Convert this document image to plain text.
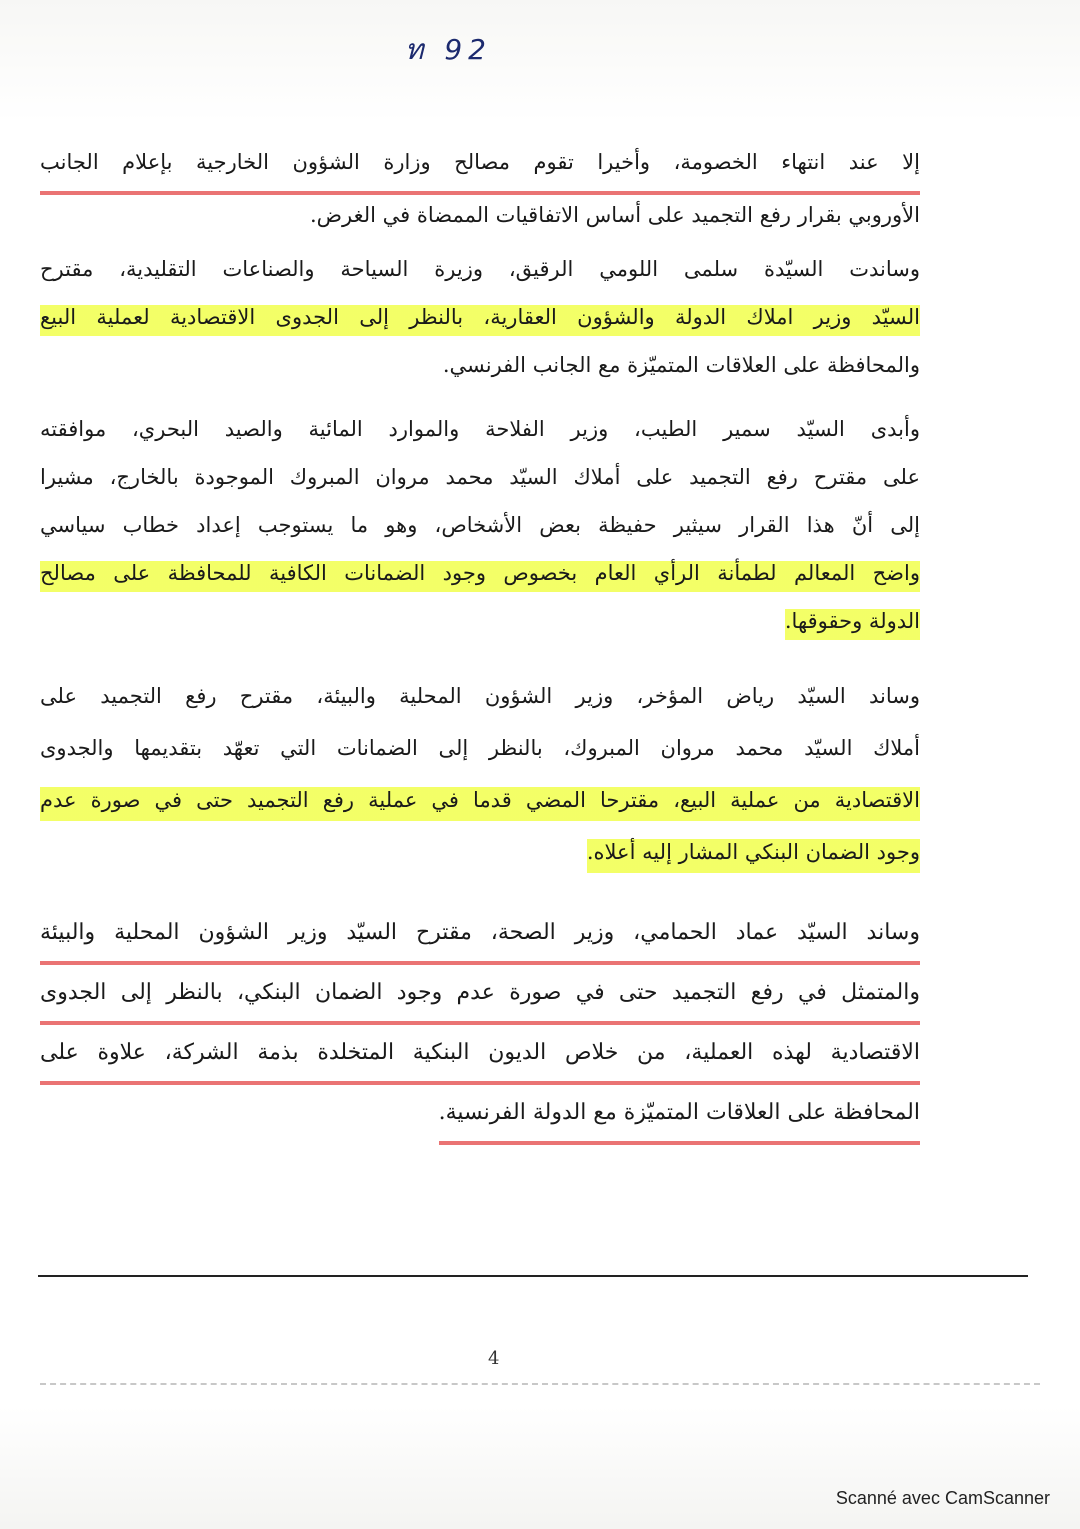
ท 92
إلا عند انتهاء الخصومة، وأخيرا تقوم مصالح وزارة الشؤون الخارجية بإعلام الجانب
الأوروبي بقرار رفع التجميد على أساس الاتفاقيات الممضاة في الغرض.
وساندت السيّدة سلمى اللومي الرقيق، وزيرة السياحة والصناعات التقليدية، مقترح
السيّد وزير املاك الدولة والشؤون العقارية، بالنظر إلى الجدوى الاقتصادية لعملية البيع
والمحافظة على العلاقات المتميّزة مع الجانب الفرنسي.
وأبدى السيّد سمير الطيب، وزير الفلاحة والموارد المائية والصيد البحري، موافقته
على مقترح رفع التجميد على أملاك السيّد محمد مروان المبروك الموجودة بالخارج، مشيرا
إلى أنّ هذا القرار سيثير حفيظة بعض الأشخاص، وهو ما يستوجب إعداد خطاب سياسي
واضح المعالم لطمأنة الرأي العام بخصوص وجود الضمانات الكافية للمحافظة على مصالح
الدولة وحقوقها.
وساند السيّد رياض المؤخر، وزير الشؤون المحلية والبيئة، مقترح رفع التجميد على
أملاك السيّد محمد مروان المبروك، بالنظر إلى الضمانات التي تعهّد بتقديمها والجدوى
الاقتصادية من عملية البيع، مقترحا المضي قدما في عملية رفع التجميد حتى في صورة عدم
وجود الضمان البنكي المشار إليه أعلاه.
وساند السيّد عماد الحمامي، وزير الصحة، مقترح السيّد وزير الشؤون المحلية والبيئة
والمتمثل في رفع التجميد حتى في صورة عدم وجود الضمان البنكي، بالنظر إلى الجدوى
الاقتصادية لهذه العملية، من خلاص الديون البنكية المتخلدة بذمة الشركة، علاوة على
المحافظة على العلاقات المتميّزة مع الدولة الفرنسية.
4
Scanné avec CamScanner
